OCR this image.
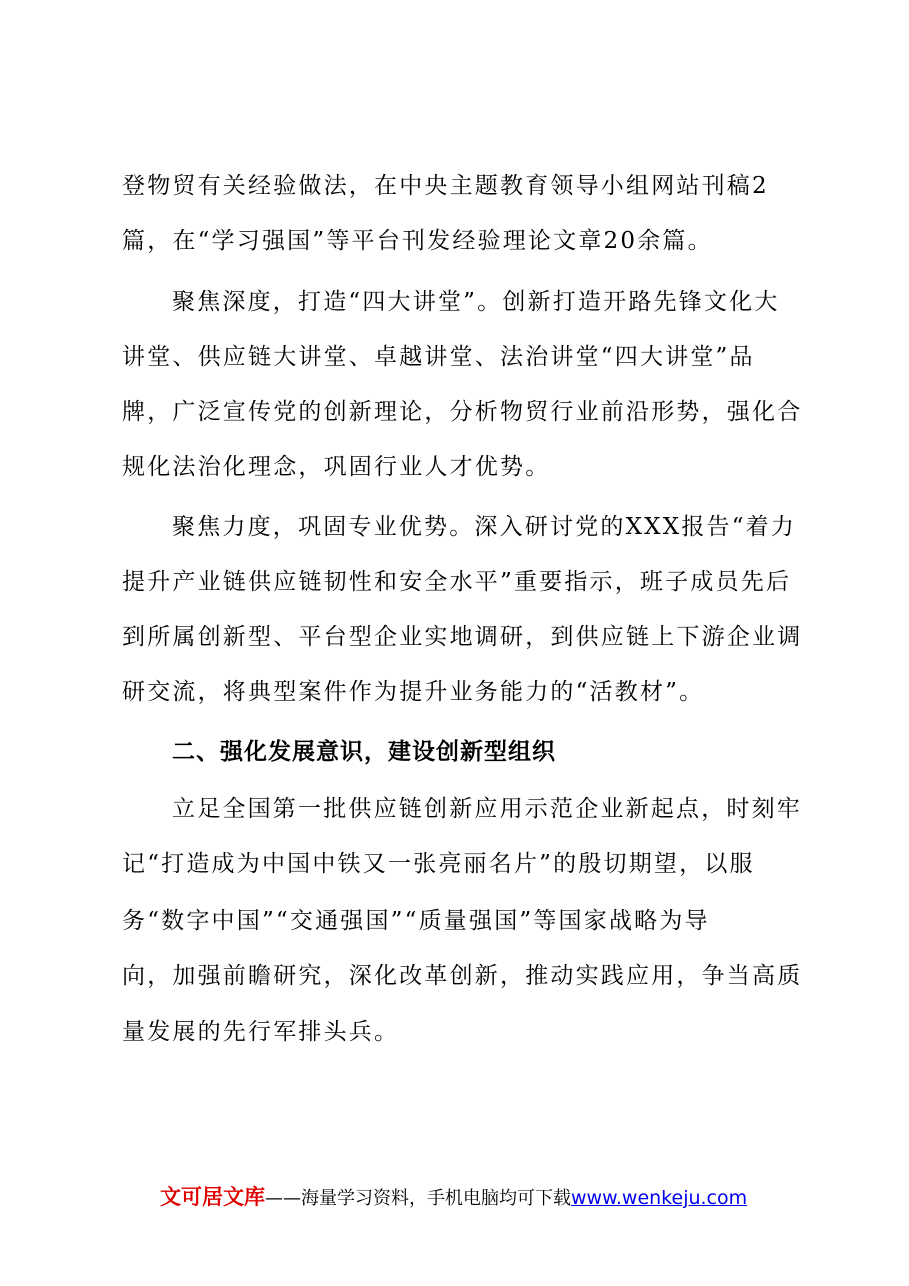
登物贸有关经验做法，在中央主题教育领导小组网站刊稿2
篇，在“学习强国”等平台刊发经验理论文章20余篇。
聚焦深度，打造“四大讲堂”。创新打造开路先锋文化大
讲堂、供应链大讲堂、卓越讲堂、法治讲堂“四大讲堂”品
牌，广泛宣传党的创新理论，分析物贸行业前沿形势，强化合
规化法治化理念，巩固行业人才优势。
聚焦力度，巩固专业优势。深入研讨党的XXX报告“着力
提升产业链供应链韧性和安全水平”重要指示，班子成员先后
到所属创新型、平台型企业实地调研，到供应链上下游企业调
研交流，将典型案件作为提升业务能力的“活教材”。
二、强化发展意识，建设创新型组织
立足全国第一批供应链创新应用示范企业新起点，时刻牢
记“打造成为中国中铁又一张亮丽名片”的殷切期望，以服
务“数字中国”“交通强国”“质量强国”等国家战略为导
向，加强前瞻研究，深化改革创新，推动实践应用，争当高质
量发展的先行军排头兵。
文可居文库——海量学习资料，手机电脑均可下载www.wenkeju.com
